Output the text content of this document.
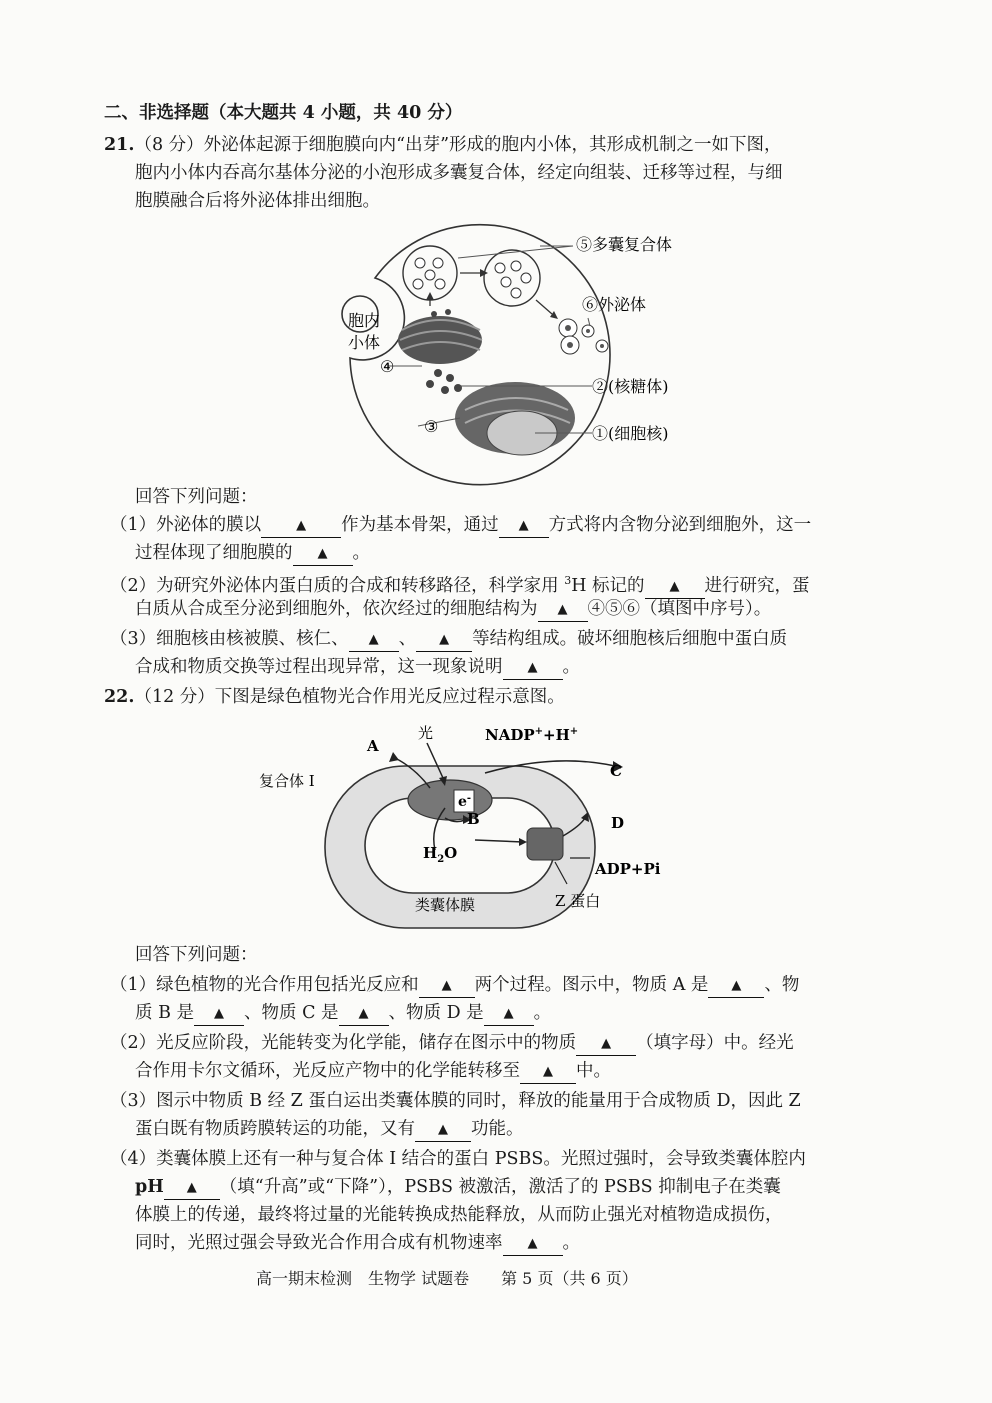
二、非选择题（本大题共 4 小题，共 40 分）
21.（8 分）外泌体起源于细胞膜向内“出芽”形成的胞内小体，其形成机制之一如下图，
胞内小体内吞高尔基体分泌的小泡形成多囊复合体，经定向组装、迁移等过程，与细
胞膜融合后将外泌体排出细胞。
⑤多囊复合体
⑥外泌体
胞内
小体
④
②(核糖体)
③	①(细胞核)
回答下列问题：
（1）外泌体的膜以	▲ 作为基本骨架，通过 ▲ 方式将内含物分泌到细胞外，这一
过程体现了细胞膜的 ▲ 。
（2）为研究外泌体内蛋白质的合成和转移路径，科学家用 $^3$H 标记的 ▲ 进行研究，蛋
白质从合成至分泌到细胞外，依次经过的细胞结构为 ▲ ④⑤⑥（填图中序号）。
（3）细胞核由核被膜、核仁、 ▲ 、 ▲ 等结构组成。破坏细胞核后细胞中蛋白质
合成和物质交换等过程出现异常，这一现象说明 ▲ 。
22.（12 分）下图是绿色植物光合作用光反应过程示意图。
A
光	NADP++H+
C
复合体 I
e-
B	D
$H_2O$
ADP+Pi
类囊体膜	Z 蛋白
回答下列问题：
（1）绿色植物的光合作用包括光反应和 ▲ 两个过程。图示中，物质 A 是 ▲ 、物
质 B 是 ▲ 、物质 C 是 ▲ 、物质 D 是 ▲ 。
（2）光反应阶段，光能转变为化学能，储存在图示中的物质 ▲ （填字母）中。经光
合作用卡尔文循环，光反应产物中的化学能转移至 ▲ 中。
（3）图示中物质 B 经 Z 蛋白运出类囊体膜的同时，释放的能量用于合成物质 D，因此 Z
蛋白既有物质跨膜转运的功能，又有 ▲ 功能。
（4）类囊体膜上还有一种与复合体 I 结合的蛋白 PSBS。光照过强时，会导致类囊体腔内
pH ▲ （填“升高”或“下降”），PSBS 被激活，激活了的 PSBS 抑制电子在类囊
体膜上的传递，最终将过量的光能转换成热能释放，从而防止强光对植物造成损伤，
同时，光照过强会导致光合作用合成有机物速率 ▲ 。
高一期末检测　生物学 试题卷　　第 5 页（共 6 页）
